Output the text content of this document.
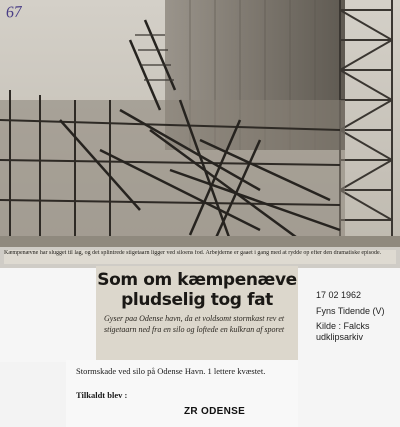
67
Kæmpenævne har slugget til lag, og det splintrede stigetaarn ligger ved siloens fod. Arbejderne er gaaet i gang med at rydde op efter den dramatiske episode.
Som om kæmpenæve
pludselig tog fat
Gyser paa Odense havn, da et voldsomt stormkast rev et stigetaarn ned fra en silo og loftede en kulkran af sporet
17 02 1962
Fyns Tidende (V)
Kilde : Falcks udklipsarkiv
Stormskade ved silo på Odense Havn. 1 lettere kvæstet.
Tilkaldt blev :
ZR ODENSE
